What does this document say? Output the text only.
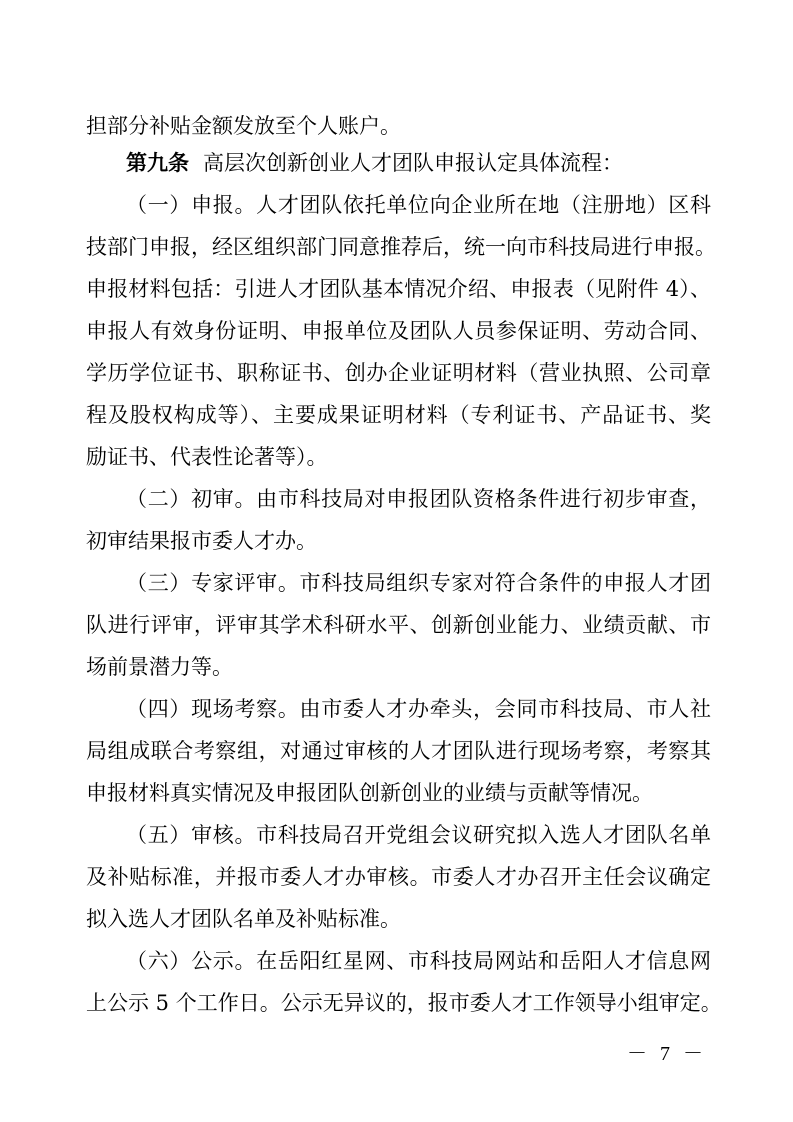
担部分补贴金额发放至个人账户。
第九条 高层次创新创业人才团队申报认定具体流程：
（一）申报。人才团队依托单位向企业所在地（注册地）区科
技部门申报，经区组织部门同意推荐后，统一向市科技局进行申报。
申报材料包括：引进人才团队基本情况介绍、申报表（见附件 4）、
申报人有效身份证明、申报单位及团队人员参保证明、劳动合同、
学历学位证书、职称证书、创办企业证明材料（营业执照、公司章
程及股权构成等）、主要成果证明材料（专利证书、产品证书、奖
励证书、代表性论著等）。
（二）初审。由市科技局对申报团队资格条件进行初步审查，
初审结果报市委人才办。
（三）专家评审。市科技局组织专家对符合条件的申报人才团
队进行评审，评审其学术科研水平、创新创业能力、业绩贡献、市
场前景潜力等。
（四）现场考察。由市委人才办牵头，会同市科技局、市人社
局组成联合考察组，对通过审核的人才团队进行现场考察，考察其
申报材料真实情况及申报团队创新创业的业绩与贡献等情况。
（五）审核。市科技局召开党组会议研究拟入选人才团队名单
及补贴标准，并报市委人才办审核。市委人才办召开主任会议确定
拟入选人才团队名单及补贴标准。
（六）公示。在岳阳红星网、市科技局网站和岳阳人才信息网
上公示 5 个工作日。公示无异议的，报市委人才工作领导小组审定。
－ 7 －
